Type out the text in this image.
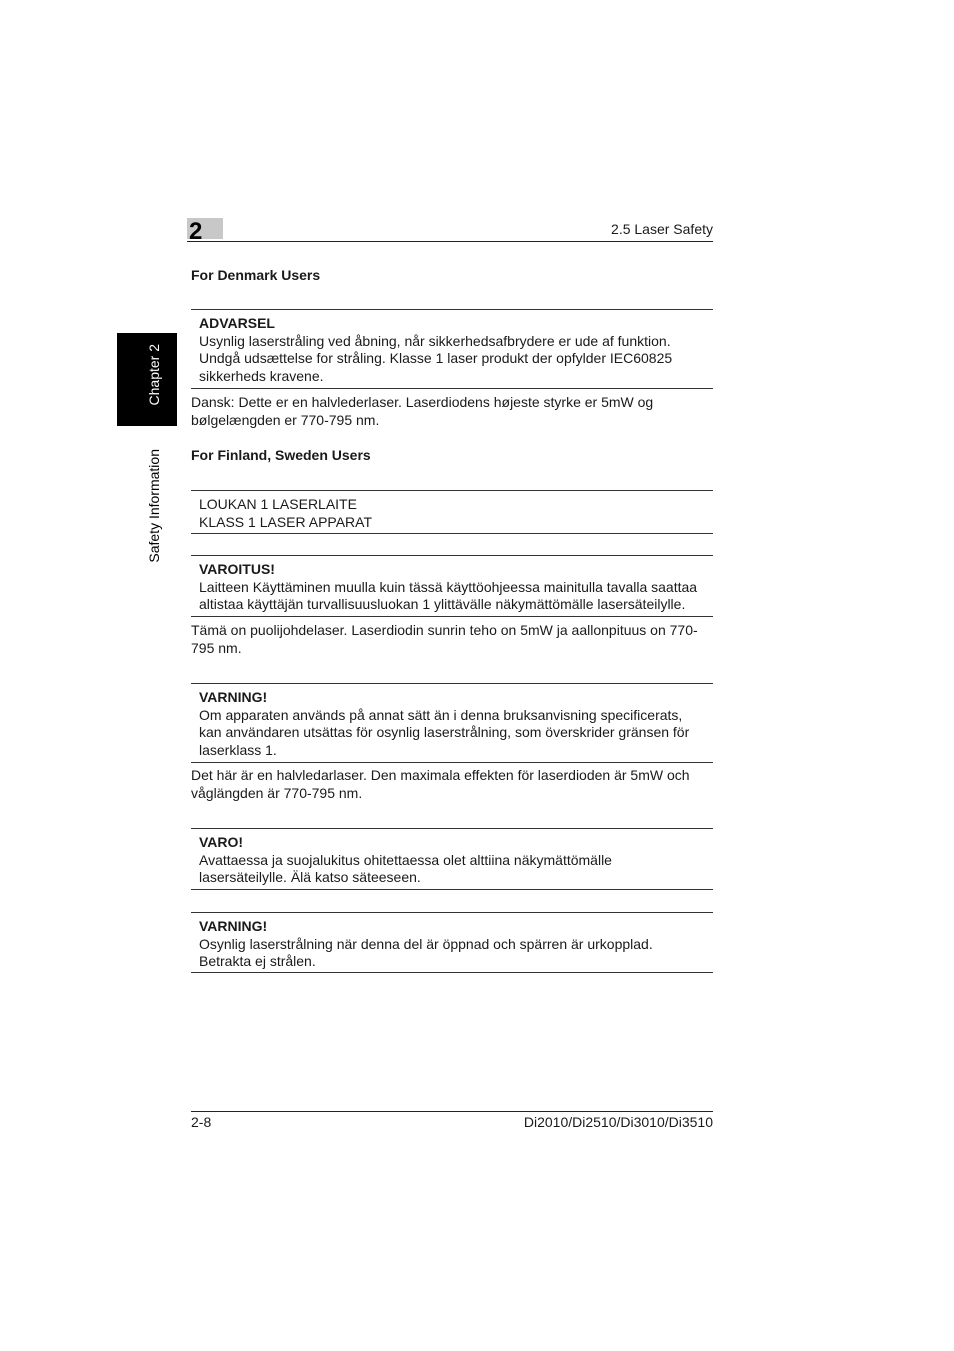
2	2.5 Laser Safety
Chapter 2
Safety Information
For Denmark Users
ADVARSEL
Usynlig laserstråling ved åbning, når sikkerhedsafbrydere er ude af funktion.
Undgå udsættelse for stråling. Klasse 1 laser produkt der opfylder IEC60825
sikkerheds kravene.
Dansk: Dette er en halvlederlaser. Laserdiodens højeste styrke er 5mW og
bølgelængden er 770-795 nm.
For Finland, Sweden Users
LOUKAN 1 LASERLAITE
KLASS 1 LASER APPARAT
VAROITUS!
Laitteen Käyttäminen muulla kuin tässä käyttöohjeessa mainitulla tavalla saattaa
altistaa käyttäjän turvallisuusluokan 1 ylittävälle näkymättömälle lasersäteilylle.
Tämä on puolijohdelaser. Laserdiodin sunrin teho on 5mW ja aallonpituus on 770-
795 nm.
VARNING!
Om apparaten används på annat sätt än i denna bruksanvisning specificerats,
kan användaren utsättas för osynlig laserstrålning, som överskrider gränsen för
laserklass 1.
Det här är en halvledarlaser. Den maximala effekten för laserdioden är 5mW och
våglängden är 770-795 nm.
VARO!
Avattaessa ja suojalukitus ohitettaessa olet alttiina näkymättömälle
lasersäteilylle. Älä katso säteeseen.
VARNING!
Osynlig laserstrålning när denna del är öppnad och spärren är urkopplad.
Betrakta ej strålen.
2-8	Di2010/Di2510/Di3010/Di3510
